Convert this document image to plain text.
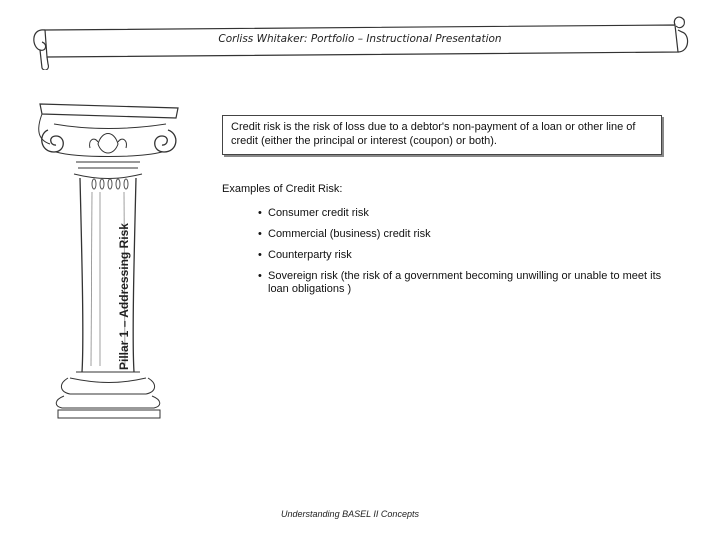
Corliss Whitaker: Portfolio – Instructional Presentation
Pillar 1 – Addressing Risk
Credit risk is the risk of loss due to a debtor's non-payment of a loan or other line of credit (either the principal or interest (coupon) or both).
Examples of Credit Risk:
• Consumer credit risk
• Commercial (business) credit risk
• Counterparty risk
• Sovereign risk (the risk of a government becoming unwilling or unable to meet its loan obligations )
Understanding BASEL II Concepts
